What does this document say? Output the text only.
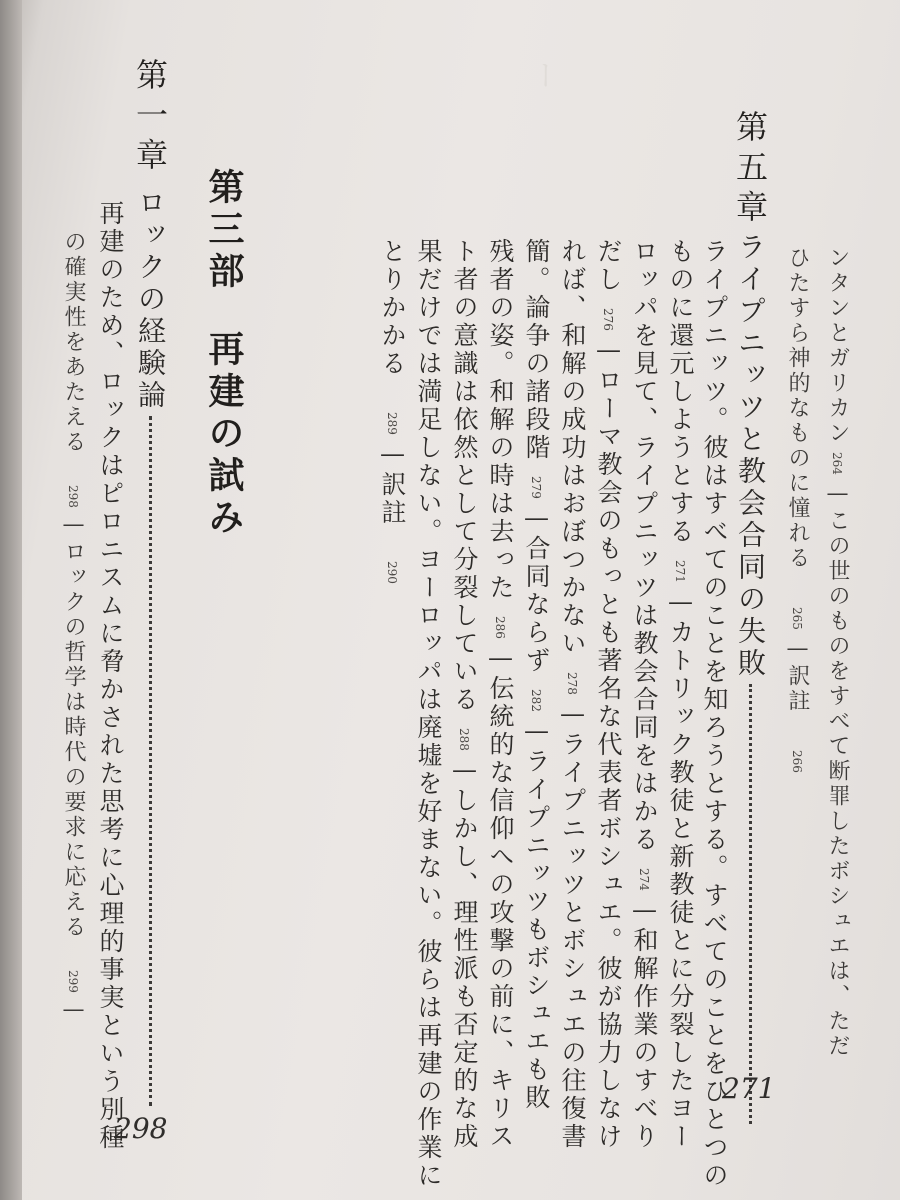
ー
ンタンとガリカン264—この世のものをすべて断罪したボシュエは、ただ
ひたすら神的なものに憧れる265—訳註266
第五章
ライプニッツと教会合同の失敗
271
ライプニッツ。彼はすべてのことを知ろうとする。すべてのことをひとつの
ものに還元しようとする271—カトリック教徒と新教徒とに分裂したヨー
ロッパを見て、ライプニッツは教会合同をはかる274—和解作業のすべり
だし276—ローマ教会のもっとも著名な代表者ボシュエ。彼が協力しなけ
れば、和解の成功はおぼつかない278—ライプニッツとボシュエの往復書
簡。論争の諸段階279—合同ならず282—ライプニッツもボシュエも敗
残者の姿。和解の時は去った286—伝統的な信仰への攻撃の前に、キリス
ト者の意識は依然として分裂している288—しかし、理性派も否定的な成
果だけでは満足しない。ヨーロッパは廃墟を好まない。彼らは再建の作業に
とりかかる289—訳註290
第三部再建の試み
第一章
ロックの経験論
298
再建のため、ロックはピロニスムに脅かされた思考に心理的事実という別種
の確実性をあたえる298—ロックの哲学は時代の要求に応える299—
